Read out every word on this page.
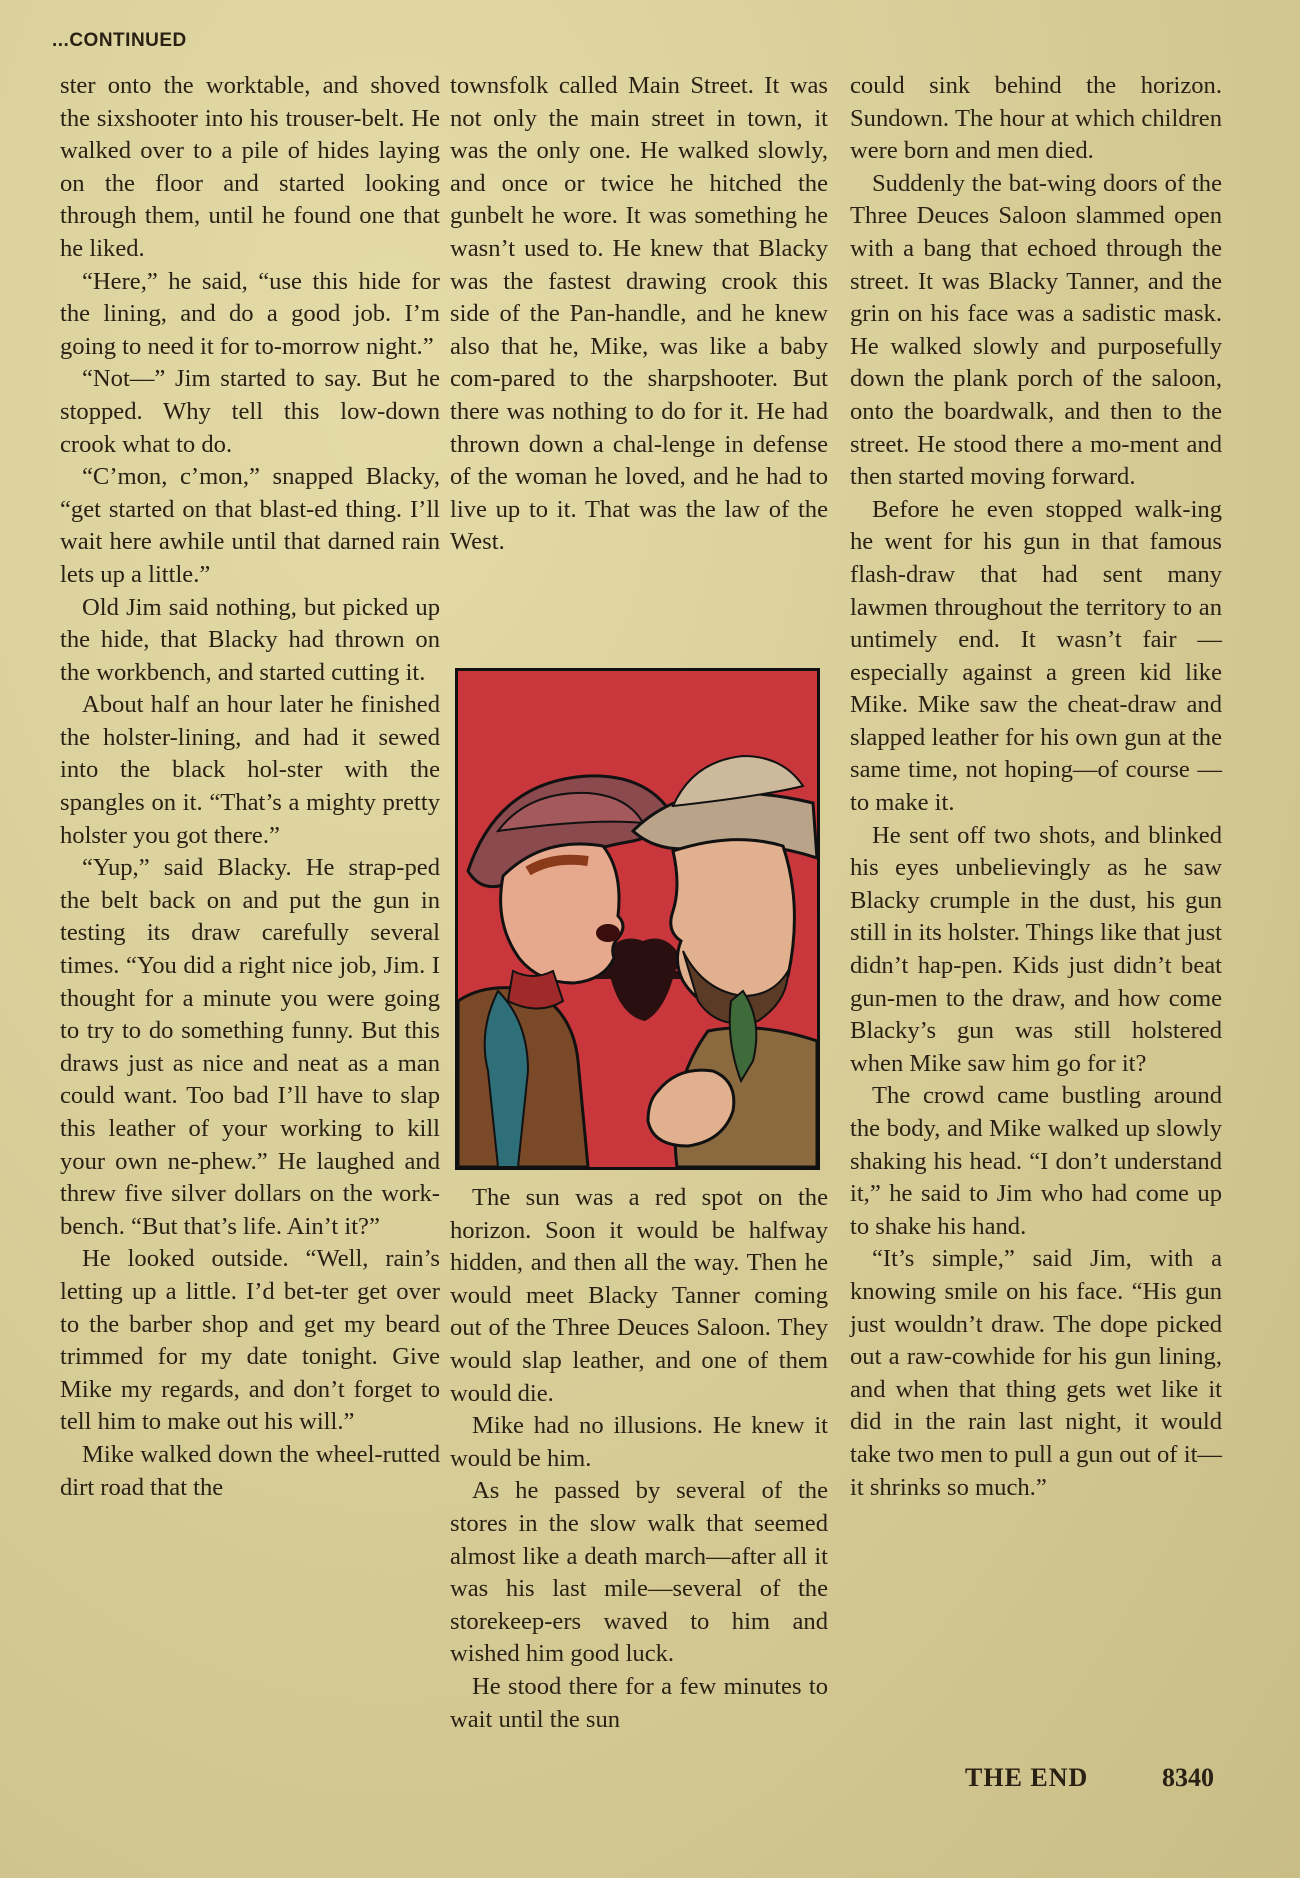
...CONTINUED

ster onto the worktable, and shoved the sixshooter into his trouser-belt. He walked over to a pile of hides laying on the floor and started looking through them, until he found one that he liked.

“Here,” he said, “use this hide for the lining, and do a good job. I’m going to need it for to-morrow night.”

“Not—” Jim started to say. But he stopped. Why tell this low-down crook what to do.

“C’mon, c’mon,” snapped Blacky, “get started on that blast-ed thing. I’ll wait here awhile until that darned rain lets up a little.”

Old Jim said nothing, but picked up the hide, that Blacky had thrown on the workbench, and started cutting it.

About half an hour later he finished the holster-lining, and had it sewed into the black hol-ster with the spangles on it. “That’s a mighty pretty holster you got there.”

“Yup,” said Blacky. He strap-ped the belt back on and put the gun in testing its draw carefully several times. “You did a right nice job, Jim. I thought for a minute you were going to try to do something funny. But this draws just as nice and neat as a man could want. Too bad I’ll have to slap this leather of your working to kill your own ne-phew.” He laughed and threw five silver dollars on the work-bench. “But that’s life. Ain’t it?”

He looked outside. “Well, rain’s letting up a little. I’d bet-ter get over to the barber shop and get my beard trimmed for my date tonight. Give Mike my regards, and don’t forget to tell him to make out his will.”

Mike walked down the wheel-rutted dirt road that the

townsfolk called Main Street. It was not only the main street in town, it was the only one. He walked slowly, and once or twice he hitched the gunbelt he wore. It was something he wasn’t used to. He knew that Blacky was the fastest drawing crook this side of the Pan-handle, and he knew also that he, Mike, was like a baby com-pared to the sharpshooter. But there was nothing to do for it. He had thrown down a chal-lenge in defense of the woman he loved, and he had to live up to it. That was the law of the West.

The sun was a red spot on the horizon. Soon it would be halfway hidden, and then all the way. Then he would meet Blacky Tanner coming out of the Three Deuces Saloon. They would slap leather, and one of them would die.

Mike had no illusions. He knew it would be him.

As he passed by several of the stores in the slow walk that seemed almost like a death march—after all it was his last mile—several of the storekeep-ers waved to him and wished him good luck.

He stood there for a few minutes to wait until the sun

could sink behind the horizon. Sundown. The hour at which children were born and men died.

Suddenly the bat-wing doors of the Three Deuces Saloon slammed open with a bang that echoed through the street. It was Blacky Tanner, and the grin on his face was a sadistic mask. He walked slowly and purposefully down the plank porch of the saloon, onto the boardwalk, and then to the street. He stood there a mo-ment and then started moving forward.

Before he even stopped walk-ing he went for his gun in that famous flash-draw that had sent many lawmen throughout the territory to an untimely end. It wasn’t fair — especially against a green kid like Mike. Mike saw the cheat-draw and slapped leather for his own gun at the same time, not hoping—of course —to make it.

He sent off two shots, and blinked his eyes unbelievingly as he saw Blacky crumple in the dust, his gun still in its holster. Things like that just didn’t hap-pen. Kids just didn’t beat gun-men to the draw, and how come Blacky’s gun was still holstered when Mike saw him go for it?

The crowd came bustling around the body, and Mike walked up slowly shaking his head. “I don’t understand it,” he said to Jim who had come up to shake his hand.

“It’s simple,” said Jim, with a knowing smile on his face. “His gun just wouldn’t draw. The dope picked out a raw-cowhide for his gun lining, and when that thing gets wet like it did in the rain last night, it would take two men to pull a gun out of it—it shrinks so much.”

THE END	8340
